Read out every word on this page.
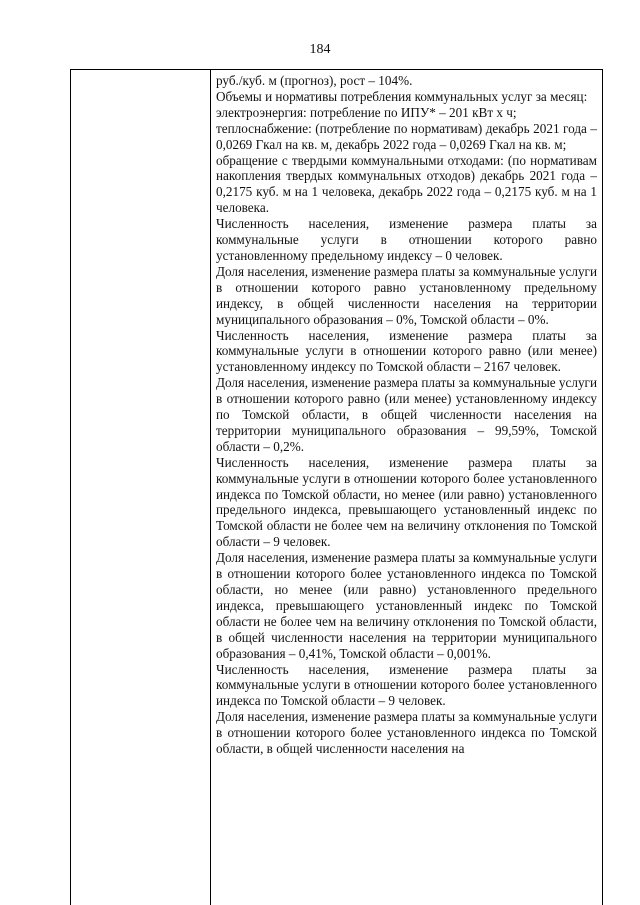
184

руб./куб. м (прогноз), рост – 104%.

Объемы и нормативы потребления коммунальных услуг за месяц:

электроэнергия: потребление по ИПУ* – 201 кВт х ч;

теплоснабжение: (потребление по нормативам) декабрь 2021 года – 0,0269 Гкал на кв. м, декабрь 2022 года – 0,0269 Гкал на кв. м;

обращение с твердыми коммунальными отходами: (по нормативам накопления твердых коммунальных отходов) декабрь 2021 года – 0,2175 куб. м на 1 человека, декабрь 2022 года – 0,2175 куб. м на 1 человека.

Численность населения, изменение размера платы за коммунальные услуги в отношении которого равно установленному предельному индексу – 0 человек.

Доля населения, изменение размера платы за коммунальные услуги в отношении которого равно установленному предельному индексу, в общей численности населения на территории муниципального образования – 0%, Томской области – 0%.

Численность населения, изменение размера платы за коммунальные услуги в отношении которого равно (или менее) установленному индексу по Томской области – 2167 человек.

Доля населения, изменение размера платы за коммунальные услуги в отношении которого равно (или менее) установленному индексу по Томской области, в общей численности населения на территории муниципального образования – 99,59%, Томской области – 0,2%.

Численность населения, изменение размера платы за коммунальные услуги в отношении которого более установленного индекса по Томской области, но менее (или равно) установленного предельного индекса, превышающего установленный индекс по Томской области не более чем на величину отклонения по Томской области – 9 человек.

Доля населения, изменение размера платы за коммунальные услуги в отношении которого более установленного индекса по Томской области, но менее (или равно) установленного предельного индекса, превышающего установленный индекс по Томской области не более чем на величину отклонения по Томской области, в общей численности населения на территории муниципального образования – 0,41%, Томской области – 0,001%.

Численность населения, изменение размера платы за коммунальные услуги в отношении которого более установленного индекса по Томской области – 9 человек.

Доля населения, изменение размера платы за коммунальные услуги в отношении которого более установленного индекса по Томской области, в общей численности населения на
